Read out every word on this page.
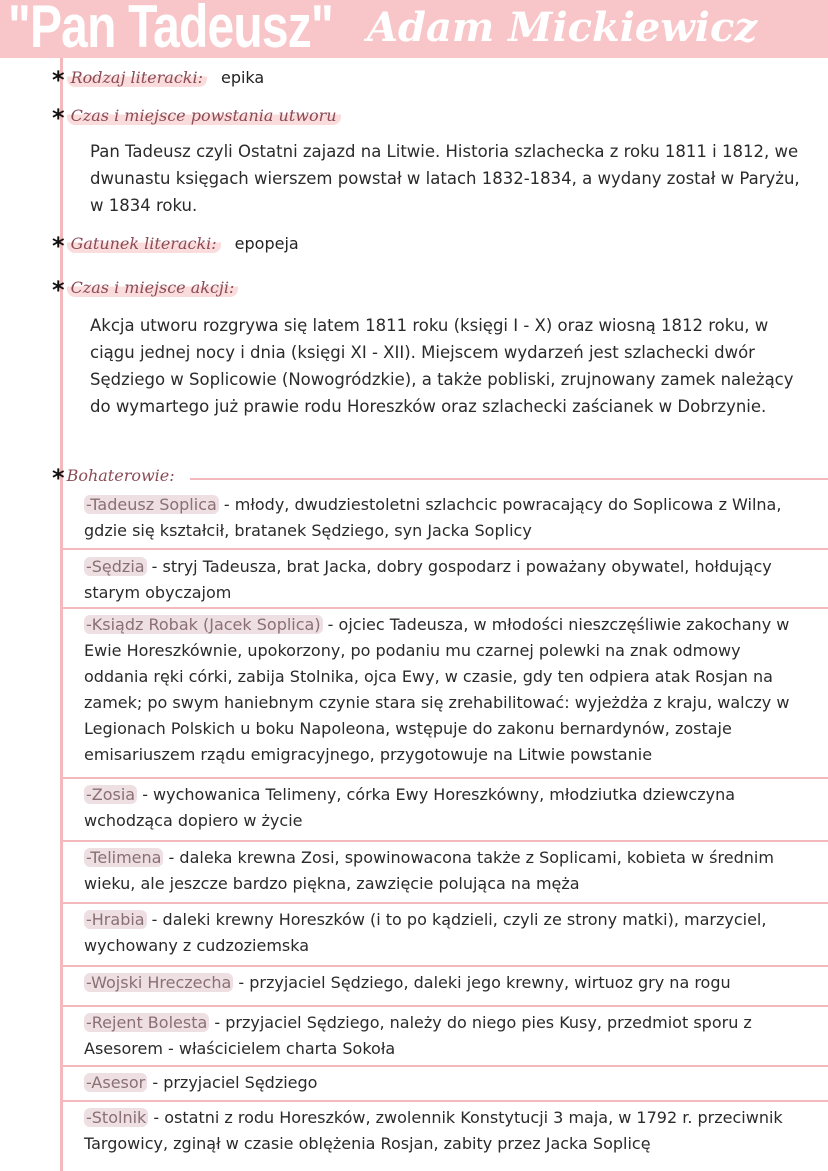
"Pan Tadeusz" Adam Mickiewicz
* Rodzaj literacki: epika
* Czas i miejsce powstania utworu
Pan Tadeusz czyli Ostatni zajazd na Litwie. Historia szlachecka z roku 1811 i 1812, we dwunastu księgach wierszem powstał w latach 1832-1834, a wydany został w Paryżu, w 1834 roku.
* Gatunek literacki: epopeja
* Czas i miejsce akcji:
Akcja utworu rozgrywa się latem 1811 roku (księgi I - X) oraz wiosną 1812 roku, w ciągu jednej nocy i dnia (księgi XI - XII). Miejscem wydarzeń jest szlachecki dwór Sędziego w Soplicowie (Nowogródzkie), a także pobliski, zrujnowany zamek należący do wymartego już prawie rodu Horeszków oraz szlachecki zaścianek w Dobrzynie.
* Bohaterowie:
-Tadeusz Soplica - młody, dwudziestoletni szlachcic powracający do Soplicowa z Wilna, gdzie się kształcił, bratanek Sędziego, syn Jacka Soplicy
-Sędzia - stryj Tadeusza, brat Jacka, dobry gospodarz i poważany obywatel, hołdujący starym obyczajom
-Ksiądz Robak (Jacek Soplica) - ojciec Tadeusza, w młodości nieszczęśliwie zakochany w Ewie Horeszkównie, upokorzony, po podaniu mu czarnej polewki na znak odmowy oddania ręki córki, zabija Stolnika, ojca Ewy, w czasie, gdy ten odpiera atak Rosjan na zamek; po swym haniebnym czynie stara się zrehabilitować: wyjeżdża z kraju, walczy w Legionach Polskich u boku Napoleona, wstępuje do zakonu bernardynów, zostaje emisariuszem rządu emigracyjnego, przygotowuje na Litwie powstanie
-Zosia - wychowanica Telimeny, córka Ewy Horeszkówny, młodziutka dziewczyna wchodząca dopiero w życie
-Telimena - daleka krewna Zosi, spowinowacona także z Soplicami, kobieta w średnim wieku, ale jeszcze bardzo piękna, zawzięcie polująca na męża
-Hrabia - daleki krewny Horeszków (i to po kądzieli, czyli ze strony matki), marzyciel, wychowany z cudzoziemska
-Wojski Hreczecha - przyjaciel Sędziego, daleki jego krewny, wirtuoz gry na rogu
-Rejent Bolesta - przyjaciel Sędziego, należy do niego pies Kusy, przedmiot sporu z Asesorem - właścicielem charta Sokoła
-Asesor - przyjaciel Sędziego
-Stolnik - ostatni z rodu Horeszków, zwolennik Konstytucji 3 maja, w 1792 r. przeciwnik Targowicy, zginął w czasie oblężenia Rosjan, zabity przez Jacka Soplicę
